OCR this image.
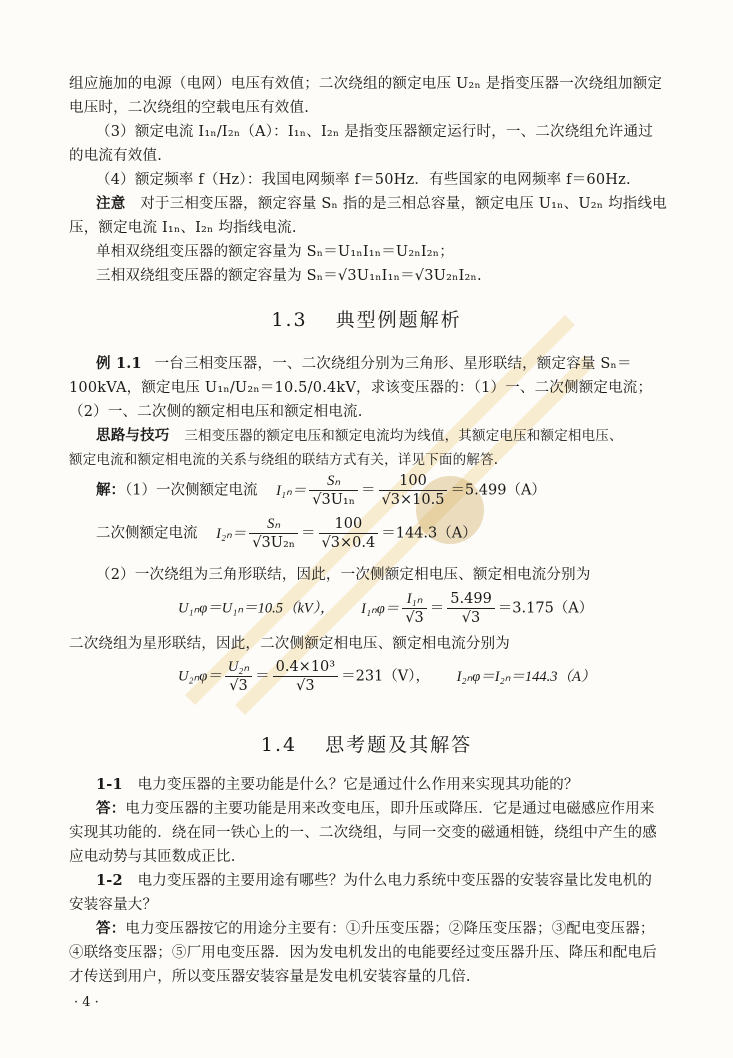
组应施加的电源（电网）电压有效值；二次绕组的额定电压 U₂ₙ 是指变压器一次绕组加额定
电压时，二次绕组的空载电压有效值.
（3）额定电流 I₁ₙ/I₂ₙ（A）：I₁ₙ、I₂ₙ 是指变压器额定运行时，一、二次绕组允许通过
的电流有效值.
（4）额定频率 f（Hz）：我国电网频率 f＝50Hz．有些国家的电网频率 f＝60Hz.
注意 对于三相变压器，额定容量 Sₙ 指的是三相总容量，额定电压 U₁ₙ、U₂ₙ 均指线电
压，额定电流 I₁ₙ、I₂ₙ 均指线电流.
单相双绕组变压器的额定容量为 Sₙ＝U₁ₙI₁ₙ＝U₂ₙI₂ₙ；
三相双绕组变压器的额定容量为 Sₙ＝√3U₁ₙI₁ₙ＝√3U₂ₙI₂ₙ.
1.3 典型例题解析
例 1.1 一台三相变压器，一、二次绕组分别为三角形、星形联结，额定容量 Sₙ＝
100kVA，额定电压 U₁ₙ/U₂ₙ＝10.5/0.4kV，求该变压器的：（1）一、二次侧额定电流；
（2）一、二次侧的额定相电压和额定相电流.
思路与技巧 三相变压器的额定电压和额定电流均为线值，其额定电压和额定相电压、
额定电流和额定相电流的关系与绕组的联结方式有关，详见下面的解答.
解：（1）一次侧额定电流 $I_{1n}= \frac{\text{Sₙ}}{\text{√3U₁ₙ}} = \frac{100}{√3\times 10.5} =5.499(A)$
二次侧额定电流 $I_{2n}= \frac{\text{Sₙ}}{\text{√3U₂ₙ}} = \frac{100}{√3\times 0.4} =144.3(A)$
（2）一次绕组为三角形联结，因此，一次侧额定相电压、额定相电流分别为
U₁ₙφ＝U₁ₙ＝10.5（kV）， $I_{1n}\varphi= \frac{\text{I₁ₙ}}{√3} = \frac{5.499}{√3} =3.175(A)$
二次绕组为星形联结，因此，二次侧额定相电压、额定相电流分别为
$U_{2n}\varphi= \frac{\text{U₂ₙ}}{√3} = \frac{\text{0.4×10³}}{√3} =231(V)$， I₂ₙφ＝I₂ₙ＝144.3（A）
1.4 思考题及其解答
1-1 电力变压器的主要功能是什么？它是通过什么作用来实现其功能的？
答：电力变压器的主要功能是用来改变电压，即升压或降压．它是通过电磁感应作用来
实现其功能的．绕在同一铁心上的一、二次绕组，与同一交变的磁通相链，绕组中产生的感
应电动势与其匝数成正比.
1-2 电力变压器的主要用途有哪些？为什么电力系统中变压器的安装容量比发电机的
安装容量大？
答：电力变压器按它的用途分主要有：①升压变压器；②降压变压器；③配电变压器；
④联络变压器；⑤厂用电变压器．因为发电机发出的电能要经过变压器升压、降压和配电后
才传送到用户，所以变压器安装容量是发电机安装容量的几倍.
· 4 ·
